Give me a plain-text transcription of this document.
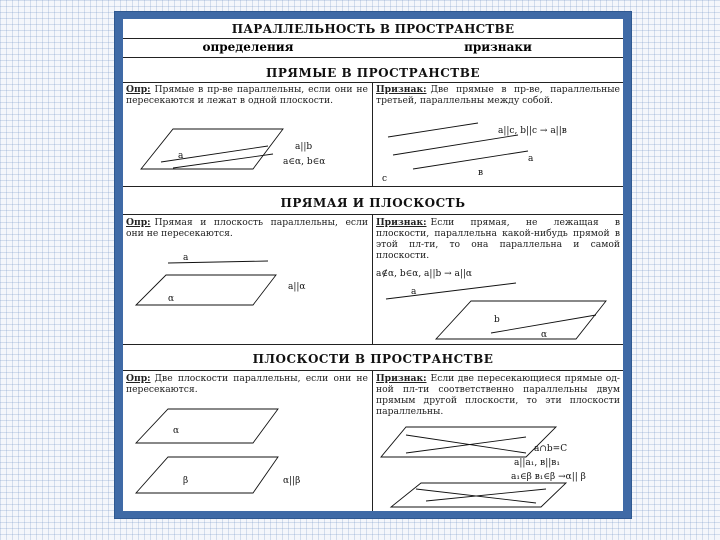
ПАРАЛЛЕЛЬНОСТЬ В ПРОСТРАНСТВЕ
определения	признаки
ПРЯМЫЕ В ПРОСТРАНСТВЕ
Опр: Прямые в пр-ве параллельны, если они не пересекаются и лежат в одной плоскости.
Признак: Две прямые в пр-ве, параллельные третьей, параллельны между собой.
a
a||b
a∈α, b∈α
a||c, b||c → a||в
a
в
с
ПРЯМАЯ И ПЛОСКОСТЬ
Опр: Прямая и плоскость параллельны, если они не пересекаются.
Признак: Если прямая, не лежащая в плоскости, параллельна какой-нибудь прямой в этой пл-ти, то она параллельна и самой плоскости.
a
α
a||α
a∉α, b∈α, a||b → a||α
a
b
α
ПЛОСКОСТИ В ПРОСТРАНСТВЕ
Опр: Две плоскости параллельны, если они не пересекаются.
Признак: Если две пересекающиеся прямые од-ной пл-ти соответственно параллельны двум прямым другой плоскости, то эти плоскости параллельны.
α
β	α||β
a∩b=C
a||a₁, в||в₁
a₁∈β в₁∈β →α|| β
